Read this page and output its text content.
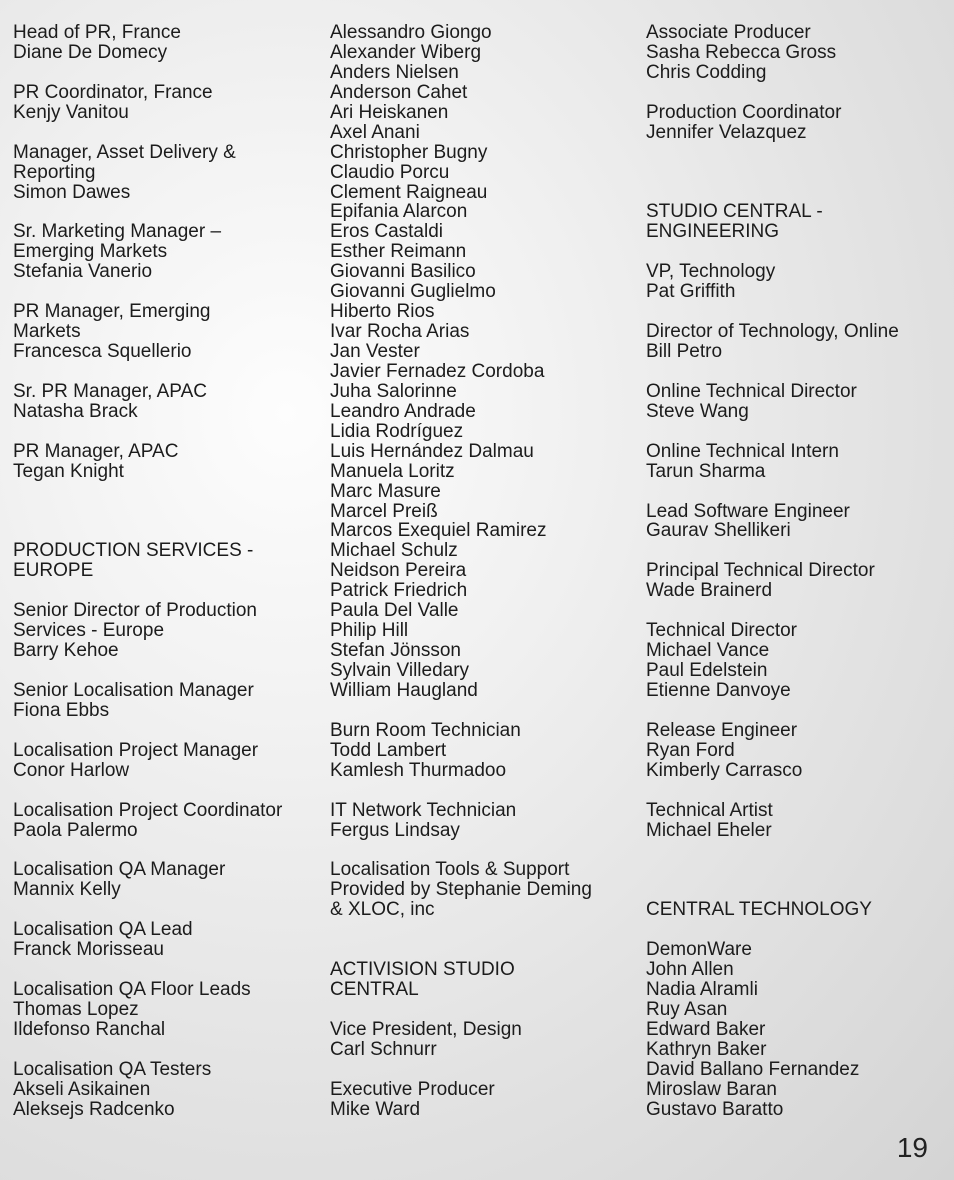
Head of PR, France
Diane De Domecy
PR Coordinator, France
Kenjy Vanitou
Manager, Asset Delivery &
Reporting
Simon Dawes
Sr. Marketing Manager –
Emerging Markets
Stefania Vanerio
PR Manager, Emerging
Markets
Francesca Squellerio
Sr. PR Manager, APAC
Natasha Brack
PR Manager, APAC
Tegan Knight
PRODUCTION SERVICES -
EUROPE
Senior Director of Production
Services - Europe
Barry Kehoe
Senior Localisation Manager
Fiona Ebbs
Localisation Project Manager
Conor Harlow
Localisation Project Coordinator
Paola Palermo
Localisation QA Manager
Mannix Kelly
Localisation QA Lead
Franck Morisseau
Localisation QA Floor Leads
Thomas Lopez
Ildefonso Ranchal
Localisation QA Testers
Akseli Asikainen
Aleksejs Radcenko
Alessandro Giongo
Alexander Wiberg
Anders Nielsen
Anderson Cahet
Ari Heiskanen
Axel Anani
Christopher Bugny
Claudio Porcu
Clement Raigneau
Epifania Alarcon
Eros Castaldi
Esther Reimann
Giovanni Basilico
Giovanni Guglielmo
Hiberto Rios
Ivar Rocha Arias
Jan Vester
Javier Fernadez Cordoba
Juha Salorinne
Leandro Andrade
Lidia Rodríguez
Luis Hernández Dalmau
Manuela Loritz
Marc Masure
Marcel Preiß
Marcos Exequiel Ramirez
Michael Schulz
Neidson Pereira
Patrick Friedrich
Paula Del Valle
Philip Hill
Stefan Jönsson
Sylvain Villedary
William Haugland
Burn Room Technician
Todd Lambert
Kamlesh Thurmadoo
IT Network Technician
Fergus Lindsay
Localisation Tools & Support
Provided by Stephanie Deming
& XLOC, inc
ACTIVISION STUDIO
CENTRAL
Vice President, Design
Carl Schnurr
Executive Producer
Mike Ward
Associate Producer
Sasha Rebecca Gross
Chris Codding
Production Coordinator
Jennifer Velazquez
STUDIO CENTRAL -
ENGINEERING
VP, Technology
Pat Griffith
Director of Technology, Online
Bill Petro
Online Technical Director
Steve Wang
Online Technical Intern
Tarun Sharma
Lead Software Engineer
Gaurav Shellikeri
Principal Technical Director
Wade Brainerd
Technical Director
Michael Vance
Paul Edelstein
Etienne Danvoye
Release Engineer
Ryan Ford
Kimberly Carrasco
Technical Artist
Michael Eheler
CENTRAL TECHNOLOGY
DemonWare
John Allen
Nadia Alramli
Ruy Asan
Edward Baker
Kathryn Baker
David Ballano Fernandez
Miroslaw Baran
Gustavo Baratto
19
